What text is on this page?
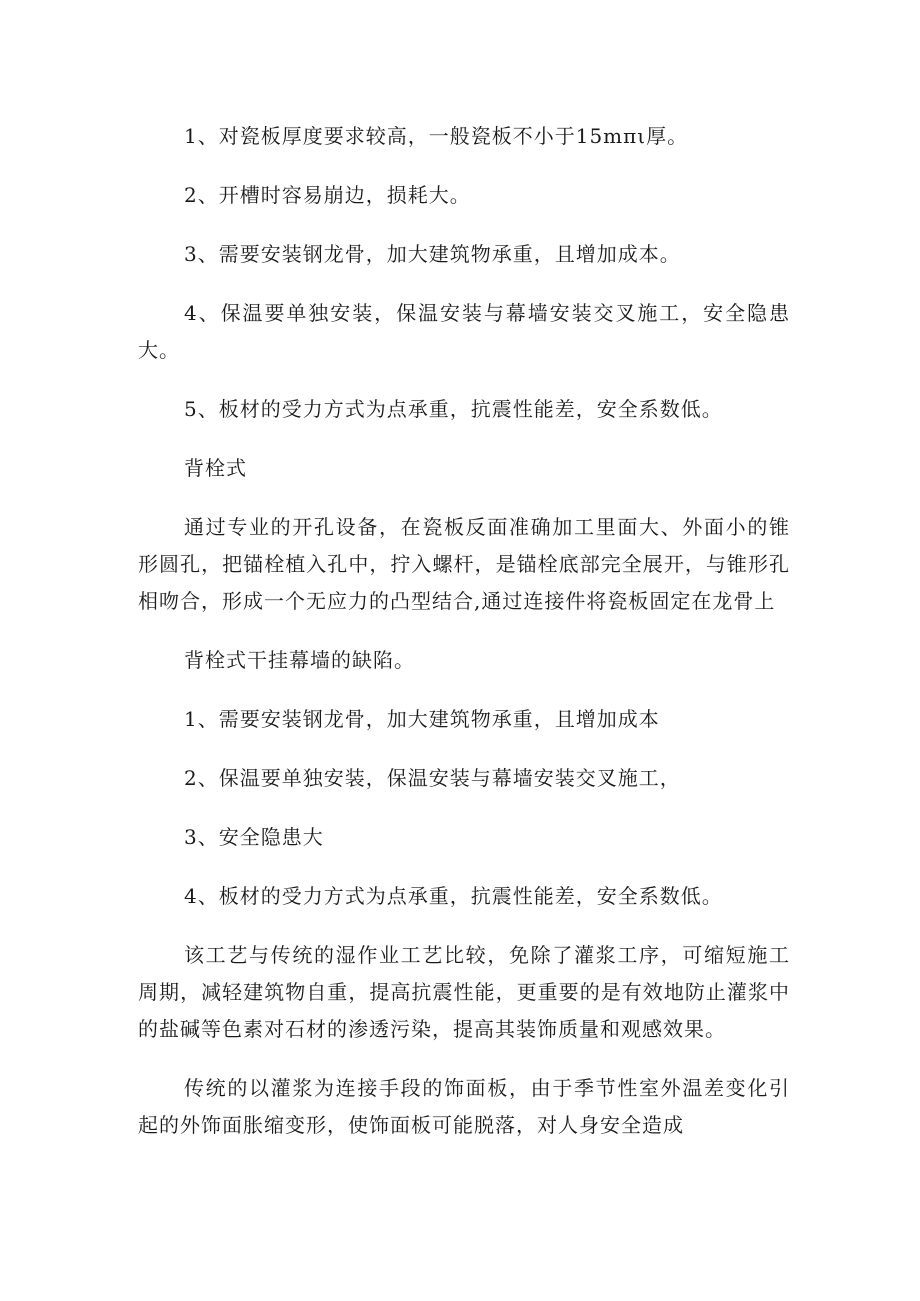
1、对瓷板厚度要求较高，一般瓷板不小于15mπι厚。

2、开槽时容易崩边，损耗大。

3、需要安装钢龙骨，加大建筑物承重，且增加成本。

4、保温要单独安装，保温安装与幕墙安装交叉施工，安全隐患大。

5、板材的受力方式为点承重，抗震性能差，安全系数低。

背栓式

通过专业的开孔设备，在瓷板反面准确加工里面大、外面小的锥形圆孔，把锚栓植入孔中，拧入螺杆，是锚栓底部完全展开，与锥形孔相吻合，形成一个无应力的凸型结合,通过连接件将瓷板固定在龙骨上

背栓式干挂幕墙的缺陷。

1、需要安装钢龙骨，加大建筑物承重，且增加成本

2、保温要单独安装，保温安装与幕墙安装交叉施工，

3、安全隐患大

4、板材的受力方式为点承重，抗震性能差，安全系数低。

该工艺与传统的湿作业工艺比较，免除了灌浆工序，可缩短施工周期，减轻建筑物自重，提高抗震性能，更重要的是有效地防止灌浆中的盐碱等色素对石材的渗透污染，提高其装饰质量和观感效果。

传统的以灌浆为连接手段的饰面板，由于季节性室外温差变化引起的外饰面胀缩变形，使饰面板可能脱落，对人身安全造成
